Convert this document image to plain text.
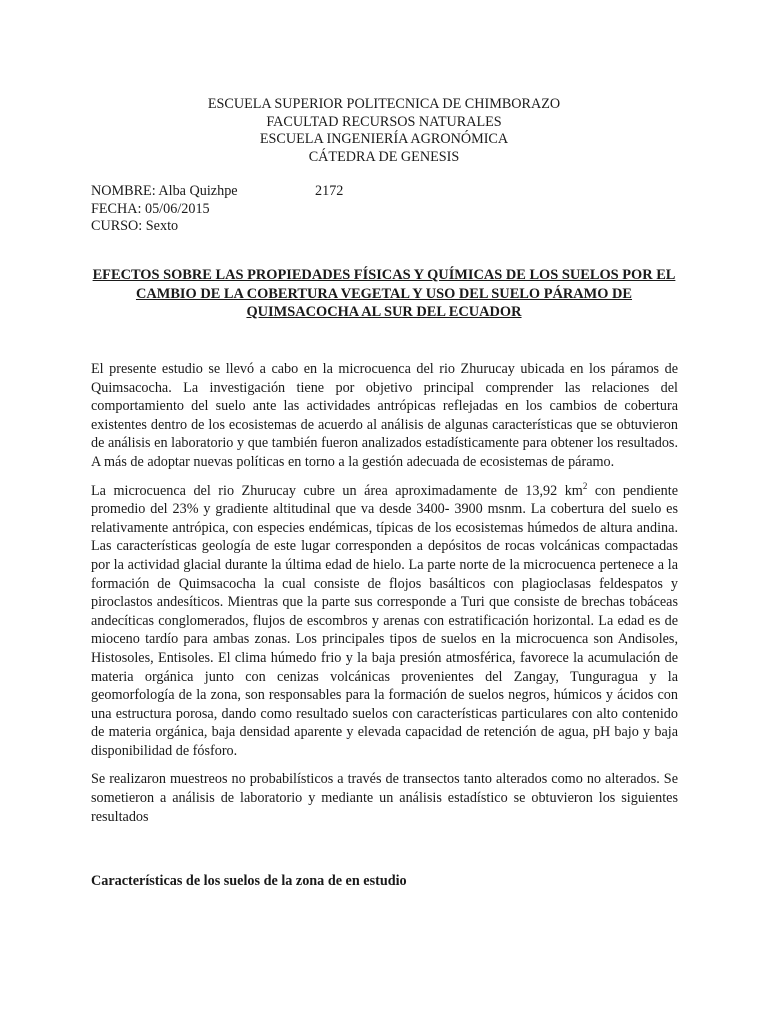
ESCUELA SUPERIOR POLITECNICA DE CHIMBORAZO
FACULTAD RECURSOS NATURALES
ESCUELA INGENIERÍA AGRONÓMICA
CÁTEDRA DE GENESIS
NOMBRE: Alba Quizhpe	2172
FECHA: 05/06/2015
CURSO: Sexto
EFECTOS SOBRE LAS PROPIEDADES FÍSICAS Y QUÍMICAS DE LOS SUELOS POR EL CAMBIO DE LA COBERTURA VEGETAL Y USO DEL SUELO PÁRAMO DE QUIMSACOCHA AL SUR DEL ECUADOR

El presente estudio se llevó a cabo en la microcuenca del rio Zhurucay ubicada en los páramos de Quimsacocha. La investigación tiene por objetivo principal comprender las relaciones del comportamiento del suelo ante las actividades antrópicas reflejadas en los cambios de cobertura existentes dentro de los ecosistemas de acuerdo al análisis de algunas características que se obtuvieron de análisis en laboratorio y que también fueron analizados estadísticamente para obtener los resultados. A más de adoptar nuevas políticas en torno a la gestión adecuada de ecosistemas de páramo.

La microcuenca del rio Zhurucay cubre un área aproximadamente de 13,92 $km^2$ con pendiente promedio del 23% y gradiente altitudinal que va desde 3400- 3900 msnm. La cobertura del suelo es relativamente antrópica, con especies endémicas, típicas de los ecosistemas húmedos de altura andina. Las características geología de este lugar corresponden a depósitos de rocas volcánicas compactadas por la actividad glacial durante la última edad de hielo. La parte norte de la microcuenca pertenece a la formación de Quimsacocha la cual consiste de flojos basálticos con plagioclasas feldespatos y piroclastos andesíticos. Mientras que la parte sus corresponde a Turi que consiste de brechas tobáceas andecíticas conglomerados, flujos de escombros y arenas con estratificación horizontal. La edad es de mioceno tardío para ambas zonas. Los principales tipos de suelos en la microcuenca son Andisoles, Histosoles, Entisoles. El clima húmedo frio y la baja presión atmosférica, favorece la acumulación de materia orgánica junto con cenizas volcánicas provenientes del Zangay, Tunguragua y la geomorfología de la zona, son responsables para la formación de suelos negros, húmicos y ácidos con una estructura porosa, dando como resultado suelos con características particulares con alto contenido de materia orgánica, baja densidad aparente y elevada capacidad de retención de agua, pH bajo y baja disponibilidad de fósforo.

Se realizaron muestreos no probabilísticos a través de transectos tanto alterados como no alterados. Se sometieron a análisis de laboratorio y mediante un análisis estadístico se obtuvieron los siguientes resultados

Características de los suelos de la zona de en estudio
